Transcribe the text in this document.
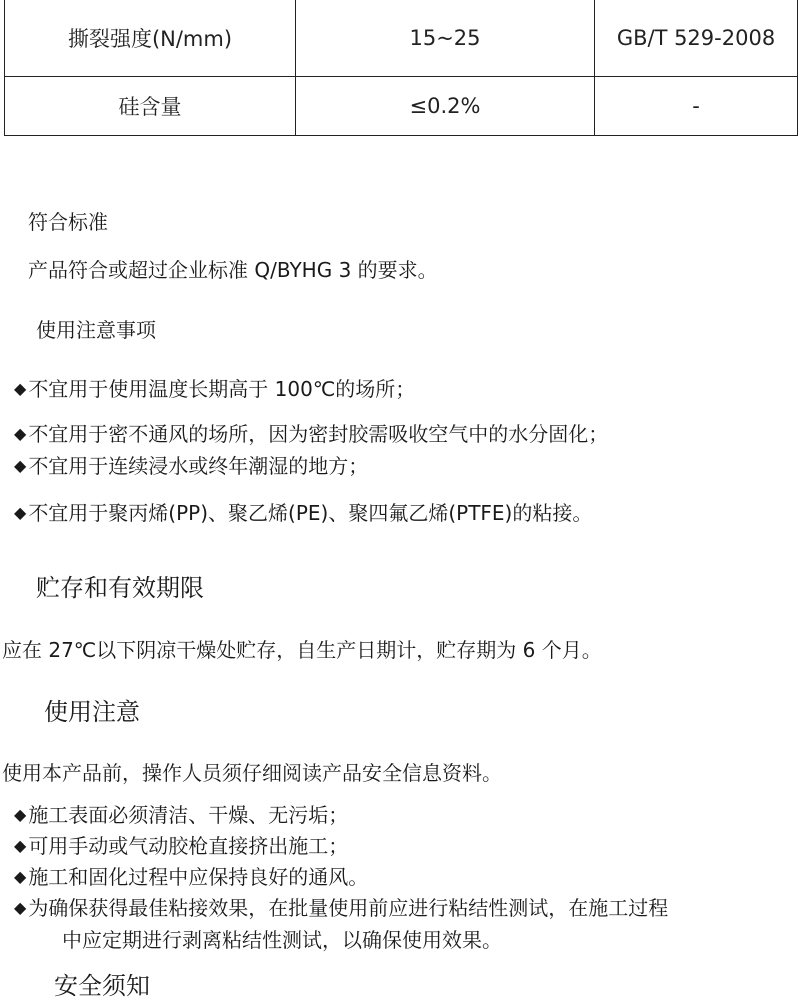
撕裂强度(N/mm)	15~25	GB/T 529-2008
硅含量	≤0.2%	-
符合标准
产品符合或超过企业标准 Q/BYHG 3 的要求。
使用注意事项
◆ 不宜用于使用温度长期高于 100℃的场所；
◆ 不宜用于密不通风的场所，因为密封胶需吸收空气中的水分固化；
◆ 不宜用于连续浸水或终年潮湿的地方；
◆ 不宜用于聚丙烯(PP)、聚乙烯(PE)、聚四氟乙烯(PTFE)的粘接。
贮存和有效期限
应在 27℃以下阴凉干燥处贮存，自生产日期计，贮存期为 6 个月。
使用注意
使用本产品前，操作人员须仔细阅读产品安全信息资料。
◆ 施工表面必须清洁、干燥、无污垢；
◆ 可用手动或气动胶枪直接挤出施工；
◆ 施工和固化过程中应保持良好的通风。
◆ 为确保获得最佳粘接效果，在批量使用前应进行粘结性测试，在施工过程
中应定期进行剥离粘结性测试，以确保使用效果。
安全须知
